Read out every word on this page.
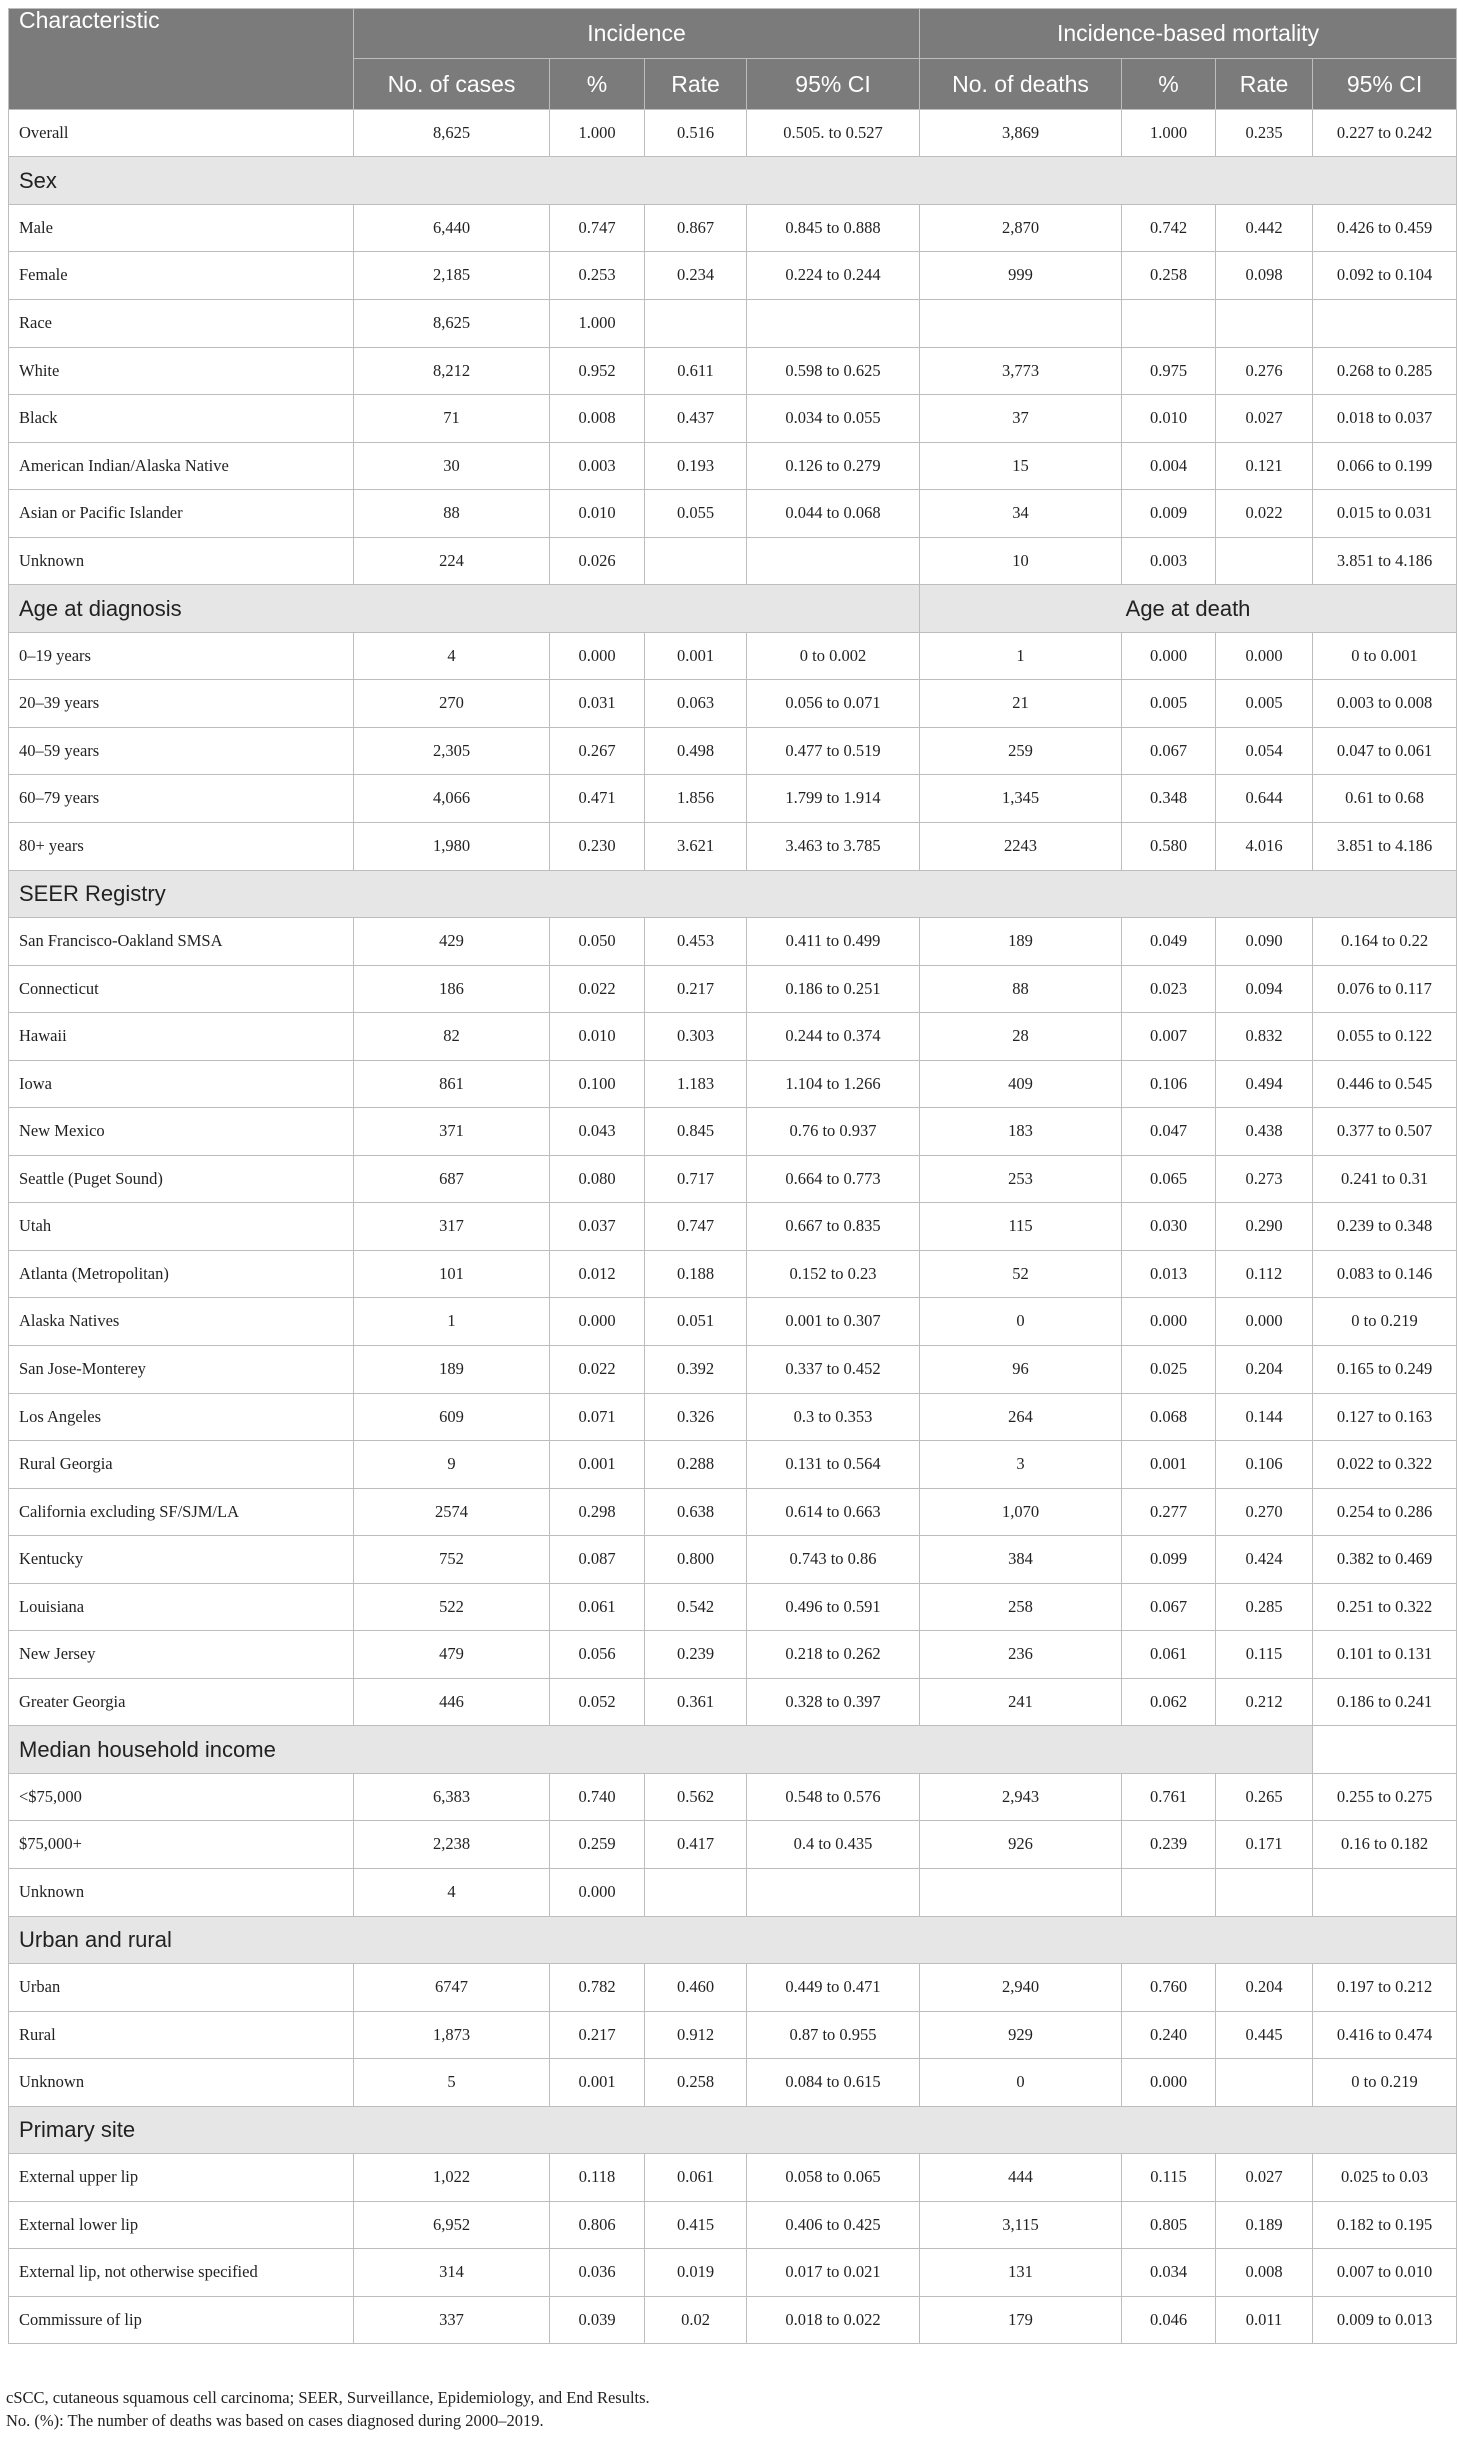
Characteristic	Incidence				Incidence-based mortality			
	No. of cases	%	Rate	95% CI	No. of deaths	%	Rate	95% CI
Overall	8,625	1.000	0.516	0.505. to 0.527	3,869	1.000	0.235	0.227 to 0.242
Sex								
Male	6,440	0.747	0.867	0.845 to 0.888	2,870	0.742	0.442	0.426 to 0.459
Female	2,185	0.253	0.234	0.224 to 0.244	999	0.258	0.098	0.092 to 0.104
Race	8,625	1.000						
White	8,212	0.952	0.611	0.598 to 0.625	3,773	0.975	0.276	0.268 to 0.285
Black	71	0.008	0.437	0.034 to 0.055	37	0.010	0.027	0.018 to 0.037
American Indian/Alaska Native	30	0.003	0.193	0.126 to 0.279	15	0.004	0.121	0.066 to 0.199
Asian or Pacific Islander	88	0.010	0.055	0.044 to 0.068	34	0.009	0.022	0.015 to 0.031
Unknown	224	0.026			10	0.003		3.851 to 4.186
Age at diagnosis					Age at death			
0–19 years	4	0.000	0.001	0 to 0.002	1	0.000	0.000	0 to 0.001
20–39 years	270	0.031	0.063	0.056 to 0.071	21	0.005	0.005	0.003 to 0.008
40–59 years	2,305	0.267	0.498	0.477 to 0.519	259	0.067	0.054	0.047 to 0.061
60–79 years	4,066	0.471	1.856	1.799 to 1.914	1,345	0.348	0.644	0.61 to 0.68
80+ years	1,980	0.230	3.621	3.463 to 3.785	2243	0.580	4.016	3.851 to 4.186
SEER Registry								
San Francisco-Oakland SMSA	429	0.050	0.453	0.411 to 0.499	189	0.049	0.090	0.164 to 0.22
Connecticut	186	0.022	0.217	0.186 to 0.251	88	0.023	0.094	0.076 to 0.117
Hawaii	82	0.010	0.303	0.244 to 0.374	28	0.007	0.832	0.055 to 0.122
Iowa	861	0.100	1.183	1.104 to 1.266	409	0.106	0.494	0.446 to 0.545
New Mexico	371	0.043	0.845	0.76 to 0.937	183	0.047	0.438	0.377 to 0.507
Seattle (Puget Sound)	687	0.080	0.717	0.664 to 0.773	253	0.065	0.273	0.241 to 0.31
Utah	317	0.037	0.747	0.667 to 0.835	115	0.030	0.290	0.239 to 0.348
Atlanta (Metropolitan)	101	0.012	0.188	0.152 to 0.23	52	0.013	0.112	0.083 to 0.146
Alaska Natives	1	0.000	0.051	0.001 to 0.307	0	0.000	0.000	0 to 0.219
San Jose-Monterey	189	0.022	0.392	0.337 to 0.452	96	0.025	0.204	0.165 to 0.249
Los Angeles	609	0.071	0.326	0.3 to 0.353	264	0.068	0.144	0.127 to 0.163
Rural Georgia	9	0.001	0.288	0.131 to 0.564	3	0.001	0.106	0.022 to 0.322
California excluding SF/SJM/LA	2574	0.298	0.638	0.614 to 0.663	1,070	0.277	0.270	0.254 to 0.286
Kentucky	752	0.087	0.800	0.743 to 0.86	384	0.099	0.424	0.382 to 0.469
Louisiana	522	0.061	0.542	0.496 to 0.591	258	0.067	0.285	0.251 to 0.322
New Jersey	479	0.056	0.239	0.218 to 0.262	236	0.061	0.115	0.101 to 0.131
Greater Georgia	446	0.052	0.361	0.328 to 0.397	241	0.062	0.212	0.186 to 0.241
Median household income								
<$75,000	6,383	0.740	0.562	0.548 to 0.576	2,943	0.761	0.265	0.255 to 0.275
$75,000+	2,238	0.259	0.417	0.4 to 0.435	926	0.239	0.171	0.16 to 0.182
Unknown	4	0.000						
Urban and rural								
Urban	6747	0.782	0.460	0.449 to 0.471	2,940	0.760	0.204	0.197 to 0.212
Rural	1,873	0.217	0.912	0.87 to 0.955	929	0.240	0.445	0.416 to 0.474
Unknown	5	0.001	0.258	0.084 to 0.615	0	0.000		0 to 0.219
Primary site								
External upper lip	1,022	0.118	0.061	0.058 to 0.065	444	0.115	0.027	0.025 to 0.03
External lower lip	6,952	0.806	0.415	0.406 to 0.425	3,115	0.805	0.189	0.182 to 0.195
External lip, not otherwise specified	314	0.036	0.019	0.017 to 0.021	131	0.034	0.008	0.007 to 0.010
Commissure of lip	337	0.039	0.02	0.018 to 0.022	179	0.046	0.011	0.009 to 0.013
cSCC, cutaneous squamous cell carcinoma; SEER, Surveillance, Epidemiology, and End Results.
No. (%): The number of deaths was based on cases diagnosed during 2000–2019.
